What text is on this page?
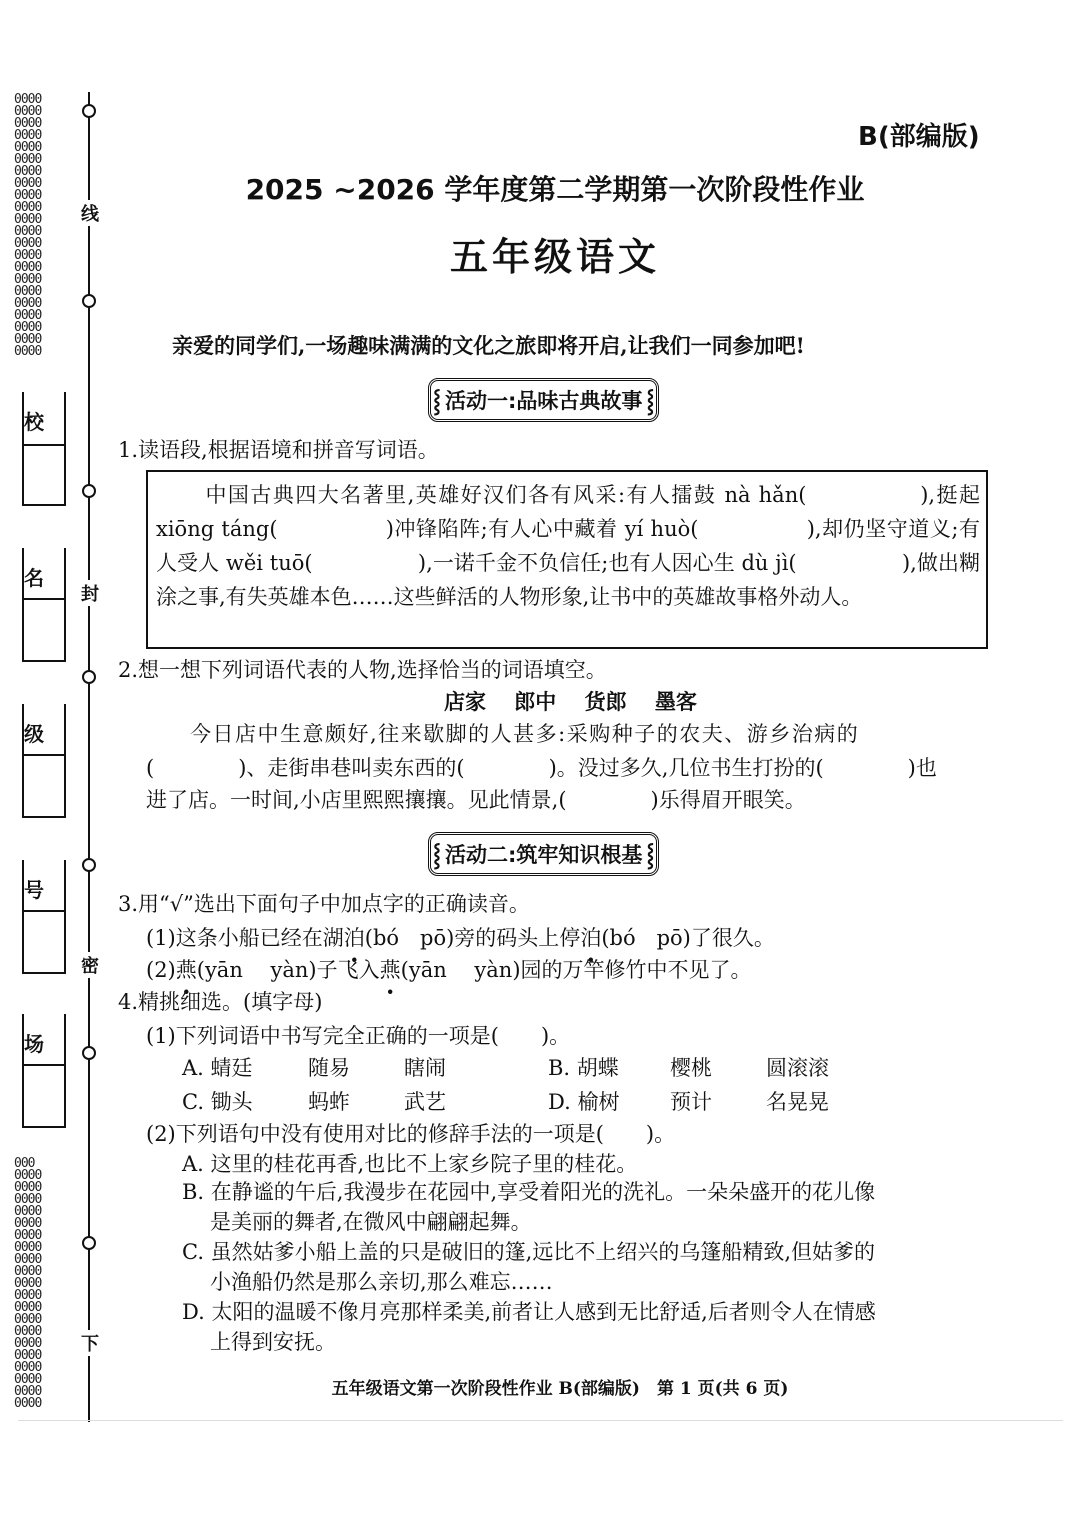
0000
0000
0000
0000
0000
0000
0000
0000
0000
0000
0000
0000
0000
0000
0000
0000
0000
0000
0000
0000
0000
0000
000
0000
0000
0000
0000
0000
0000
0000
0000
0000
0000
0000
0000
0000
0000
0000
0000
0000
0000
0000
0000
线
封
密
下
校
名
级
号
场
B(部编版)
2025 ~2026 学年度第二学期第一次阶段性作业
五年级语文
亲爱的同学们,一场趣味满满的文化之旅即将开启,让我们一同参加吧!
⸾ 活动一:品味古典故事 ⸾
1.读语段,根据语境和拼音写词语。
中国古典四大名著里,英雄好汉们各有风采:有人擂鼓 nà hǎn(　　　　　),挺起 xiōng táng(　　　　　)冲锋陷阵;有人心中藏着 yí huò(　　　　　),却仍坚守道义;有人受人 wěi tuō(　　　　　),一诺千金不负信任;也有人因心生 dù jì(　　　　　),做出糊涂之事,有失英雄本色……这些鲜活的人物形象,让书中的英雄故事格外动人。
2.想一想下列词语代表的人物,选择恰当的词语填空。
店家　 郎中　 货郎　 墨客
今日店中生意颇好,往来歇脚的人甚多:采购种子的农夫、游乡治病的
(　　　　)、走街串巷叫卖东西的(　　　　)。没过多久,几位书生打扮的(　　　　)也
进了店。一时间,小店里熙熙攘攘。见此情景,(　　　　)乐得眉开眼笑。
⸾ 活动二:筑牢知识根基 ⸾
3.用“√”选出下面句子中加点字的正确读音。
(1)这条小船已经在湖泊(bó　pō)旁的码头上停泊(bó　pō)了很久。
(2)燕(yān　 yàn)子飞入燕(yān　 yàn)园的万竿修竹中不见了。
4.精挑细选。(填字母)
(1)下列词语中书写完全正确的一项是(　　)。
A. 蜻廷	随易	瞎闹	B. 胡蝶 樱桃	圆滚滚
C. 锄头	蚂蚱	武艺	D. 榆树 预计	名晃晃
(2)下列语句中没有使用对比的修辞手法的一项是(　　)。
A. 这里的桂花再香,也比不上家乡院子里的桂花。
B. 在静谧的午后,我漫步在花园中,享受着阳光的洗礼。一朵朵盛开的花儿像
是美丽的舞者,在微风中翩翩起舞。
C. 虽然姑爹小船上盖的只是破旧的篷,远比不上绍兴的乌篷船精致,但姑爹的
小渔船仍然是那么亲切,那么难忘……
D. 太阳的温暖不像月亮那样柔美,前者让人感到无比舒适,后者则令人在情感
上得到安抚。
五年级语文第一次阶段性作业 B(部编版)　第 1 页(共 6 页)
